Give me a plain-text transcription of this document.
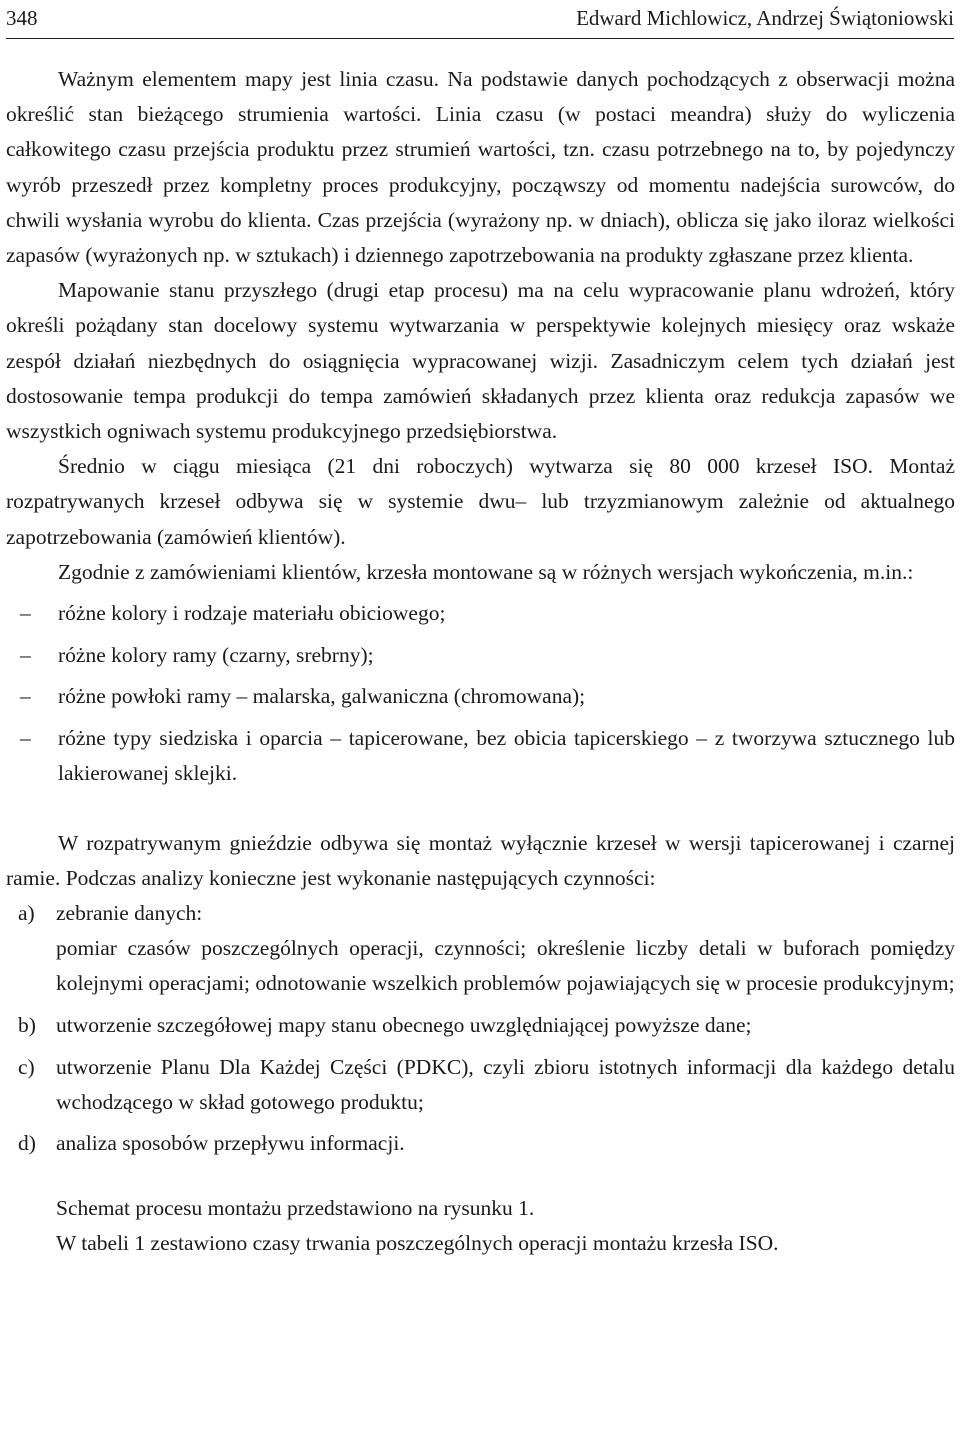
348	Edward Michlowicz, Andrzej Świątoniowski

Ważnym elementem mapy jest linia czasu. Na podstawie danych pochodzących z obserwacji można określić stan bieżącego strumienia wartości. Linia czasu (w postaci meandra) służy do wyliczenia całkowitego czasu przejścia produktu przez strumień wartości, tzn. czasu potrzebnego na to, by pojedynczy wyrób przeszedł przez kompletny proces produkcyjny, począwszy od momentu nadejścia surowców, do chwili wysłania wyrobu do klienta. Czas przejścia (wyrażony np. w dniach), oblicza się jako iloraz wielkości zapasów (wyrażonych np. w sztukach) i dziennego zapotrzebowania na produkty zgłaszane przez klienta.

Mapowanie stanu przyszłego (drugi etap procesu) ma na celu wypracowanie planu wdrożeń, który określi pożądany stan docelowy systemu wytwarzania w perspektywie kolejnych miesięcy oraz wskaże zespół działań niezbędnych do osiągnięcia wypracowanej wizji. Zasadniczym celem tych działań jest dostosowanie tempa produkcji do tempa zamówień składanych przez klienta oraz redukcja zapasów we wszystkich ogniwach systemu produkcyjnego przedsiębiorstwa.

Średnio w ciągu miesiąca (21 dni roboczych) wytwarza się 80 000 krzeseł ISO. Montaż rozpatrywanych krzeseł odbywa się w systemie dwu– lub trzyzmianowym zależnie od aktualnego zapotrzebowania (zamówień klientów).

Zgodnie z zamówieniami klientów, krzesła montowane są w różnych wersjach wykończenia, m.in.:

– różne kolory i rodzaje materiału obiciowego;
– różne kolory ramy (czarny, srebrny);
– różne powłoki ramy – malarska, galwaniczna (chromowana);
– różne typy siedziska i oparcia – tapicerowane, bez obicia tapicerskiego – z tworzywa sztucznego lub lakierowanej sklejki.

W rozpatrywanym gnieździe odbywa się montaż wyłącznie krzeseł w wersji tapicerowanej i czarnej ramie. Podczas analizy konieczne jest wykonanie następujących czynności:

a) zebranie danych:
pomiar czasów poszczególnych operacji, czynności; określenie liczby detali w buforach pomiędzy kolejnymi operacjami; odnotowanie wszelkich problemów pojawiających się w procesie produkcyjnym;
b) utworzenie szczegółowej mapy stanu obecnego uwzględniającej powyższe dane;
c) utworzenie Planu Dla Każdej Części (PDKC), czyli zbioru istotnych informacji dla każdego detalu wchodzącego w skład gotowego produktu;
d) analiza sposobów przepływu informacji.

Schemat procesu montażu przedstawiono na rysunku 1.

W tabeli 1 zestawiono czasy trwania poszczególnych operacji montażu krzesła ISO.
